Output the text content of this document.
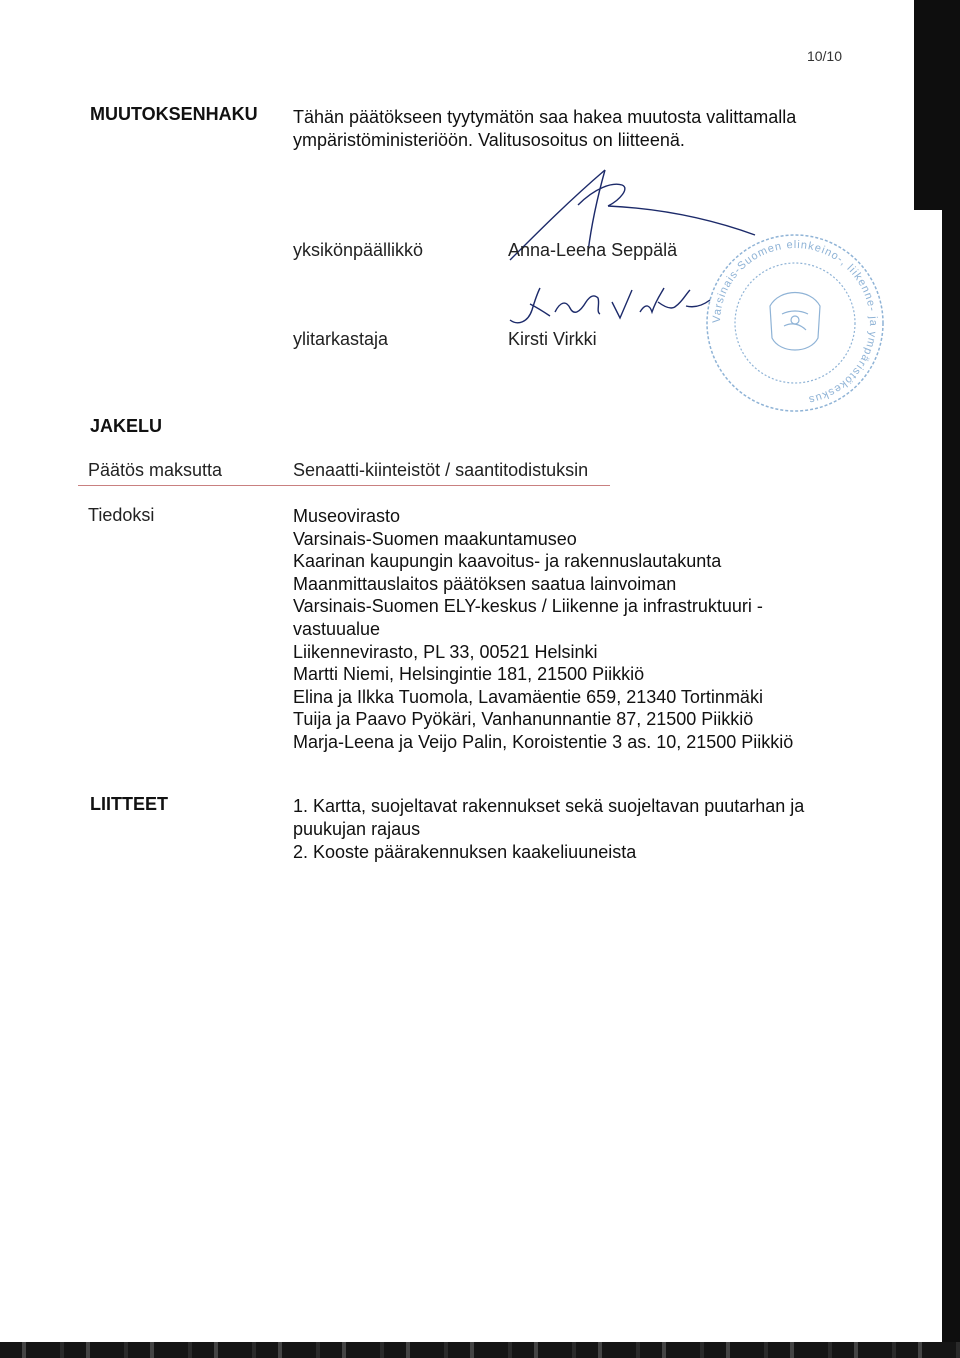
10/10
MUUTOKSENHAKU Tähän päätökseen tyytymätön saa hakea muutosta valittamalla ympäristöministeriöön. Valitusosoitus on liitteenä.
Varsinais-Suomen elinkeino-, liikenne- ja ympäristökeskus
yksikönpäällikkö	Anna-Leena Seppälä
ylitarkastaja	Kirsti Virkki
JAKELU
Päätös maksutta	Senaatti-kiinteistöt / saantitodistuksin
Tiedoksi	Museovirasto
Varsinais-Suomen maakuntamuseo
Kaarinan kaupungin kaavoitus- ja rakennuslautakunta
Maanmittauslaitos päätöksen saatua lainvoiman
Varsinais-Suomen ELY-keskus / Liikenne ja infrastruktuuri -
vastuualue
Liikennevirasto, PL 33, 00521 Helsinki
Martti Niemi, Helsingintie 181, 21500 Piikkiö
Elina ja Ilkka Tuomola, Lavamäentie 659, 21340 Tortinmäki
Tuija ja Paavo Pyökäri, Vanhanunnantie 87, 21500 Piikkiö
Marja-Leena ja Veijo Palin, Koroistentie 3 as. 10, 21500 Piikkiö
LIITTEET	1. Kartta, suojeltavat rakennukset sekä suojeltavan puutarhan ja puukujan rajaus
2. Kooste päärakennuksen kaakeliuuneista
